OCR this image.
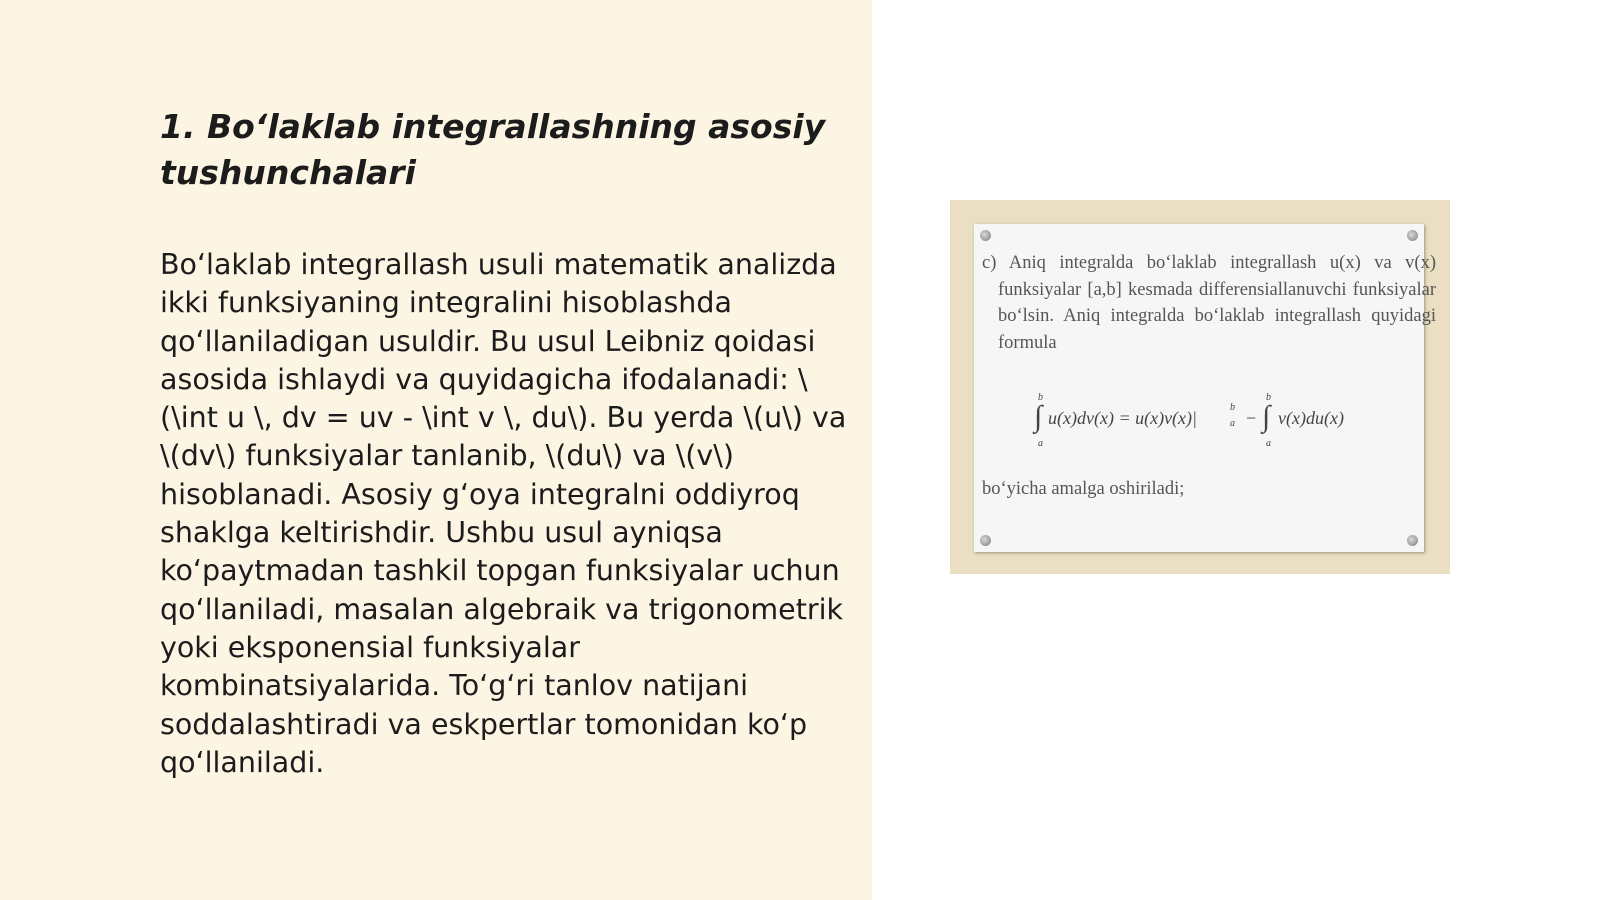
1. Bo‘laklab integrallashning asosiy tushunchalari

Bo‘laklab integrallash usuli matematik analizda ikki funksiyaning integralini hisoblashda qo‘llaniladigan usuldir. Bu usul Leibniz qoidasi asosida ishlaydi va quyidagicha ifodalanadi: \(\int u \, dv = uv - \int v \, du\). Bu yerda \(u\) va \(dv\) funksiyalar tanlanib, \(du\) va \(v\) hisoblanadi. Asosiy g‘oya integralni oddiyroq shaklga keltirishdir. Ushbu usul ayniqsa ko‘paytmadan tashkil topgan funksiyalar uchun qo‘llaniladi, masalan algebraik va trigonometrik yoki eksponensial funksiyalar kombinatsiyalarida. To‘g‘ri tanlov natijani soddalashtiradi va eskpertlar tomonidan ko‘p qo‘llaniladi.

c) Aniq integralda bo‘laklab integrallash u(x) va v(x) funksiyalar [a,b] kesmada differensiallanuvchi funksiyalar bo‘lsin. Aniq integralda bo‘laklab integrallash quyidagi formula

b
∫
a
u(x)dv(x) = u(x)v(x)|
b
a −
b
∫
a
v(x)du(x)

bo‘yicha amalga oshiriladi;
